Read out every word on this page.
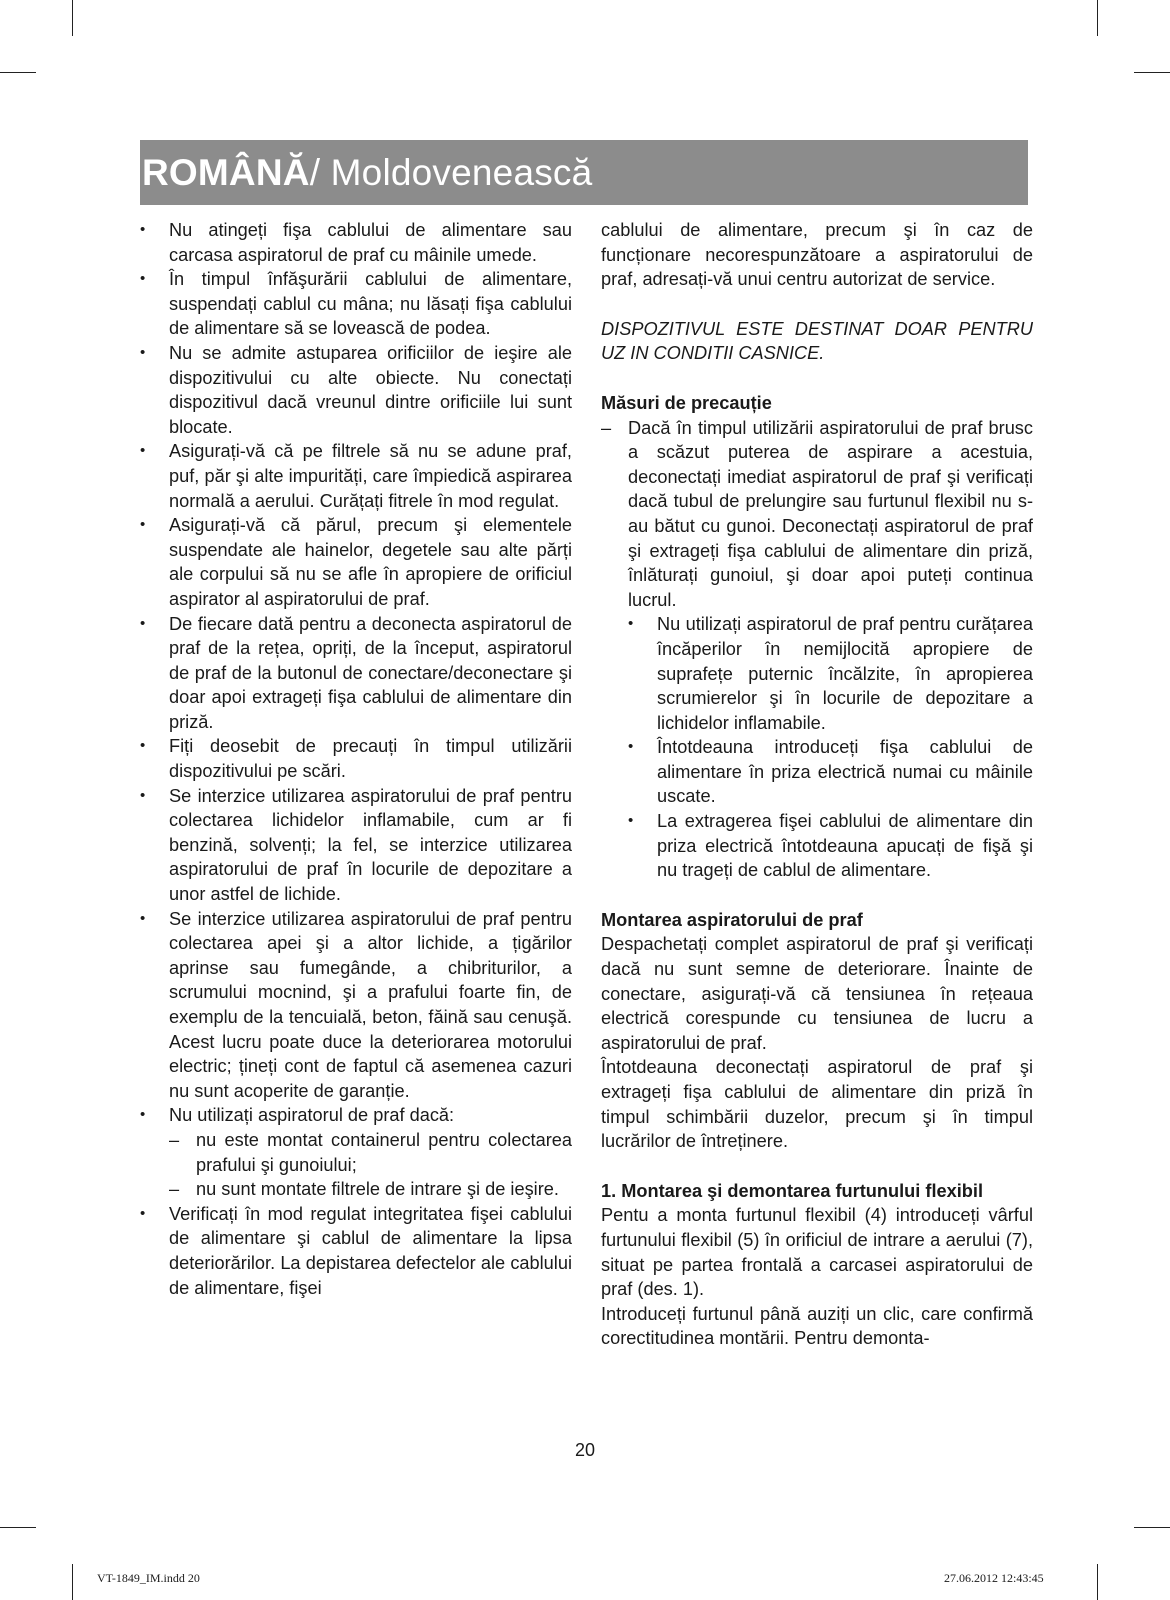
ROMÂNĂ / Moldovenească
• Nu atingeți fişa cablului de alimentare sau carcasa aspiratorul de praf cu mâinile umede.
• În timpul înfăşurării cablului de alimentare, suspendați cablul cu mâna; nu lăsați fişa cablului de alimentare să se lovească de podea.
• Nu se admite astuparea orificiilor de ieşire ale dispozitivului cu alte obiecte. Nu conectați dispozitivul dacă vreunul dintre orificiile lui sunt blocate.
• Asigurați-vă că pe filtrele să nu se adune praf, puf, păr şi alte impurități, care împiedică aspirarea normală a aerului. Curățați fitrele în mod regulat.
• Asigurați-vă că părul, precum şi elementele suspendate ale hainelor, degetele sau alte părți ale corpului să nu se afle în apropiere de orificiul aspirator al aspiratorului de praf.
• De fiecare dată pentru a deconecta aspiratorul de praf de la rețea, opriți, de la început, aspiratorul de praf de la butonul de conectare/deconectare şi doar apoi extrageți fişa cablului de alimentare din priză.
• Fiți deosebit de precauți în timpul utilizării dispozitivului pe scări.
• Se interzice utilizarea aspiratorului de praf pentru colectarea lichidelor inflamabile, cum ar fi benzină, solvenți; la fel, se interzice utilizarea aspiratorului de praf în locurile de depozitare a unor astfel de lichide.
• Se interzice utilizarea aspiratorului de praf pentru colectarea apei şi a altor lichide, a țigărilor aprinse sau fumegânde, a chibriturilor, a scrumului mocnind, şi a prafului foarte fin, de exemplu de la tencuială, beton, făină sau cenuşă. Acest lucru poate duce la deteriorarea motorului electric; țineți cont de faptul că asemenea cazuri nu sunt acoperite de garanție.
• Nu utilizați aspiratorul de praf dacă:
– nu este montat containerul pentru colectarea prafului şi gunoiului;
– nu sunt montate filtrele de intrare şi de ieşire.
• Verificați în mod regulat integritatea fişei cablului de alimentare şi cablul de alimentare la lipsa deteriorărilor. La depistarea defectelor ale cablului de alimentare, fişei

cablului de alimentare, precum şi în caz de funcționare necorespunzătoare a aspiratorului de praf, adresați-vă unui centru autorizat de service.

DISPOZITIVUL ESTE DESTINAT DOAR PENTRU UZ IN CONDITII CASNICE.

Măsuri de precauție

– Dacă în timpul utilizării aspiratorului de praf brusc a scăzut puterea de aspirare a acestuia, deconectați imediat aspiratorul de praf şi verificați dacă tubul de prelungire sau furtunul flexibil nu s-au bătut cu gunoi. Deconectați aspiratorul de praf şi extrageți fişa cablului de alimentare din priză, înlăturați gunoiul, şi doar apoi puteți continua lucrul.
• Nu utilizați aspiratorul de praf pentru curățarea încăperilor în nemijlocită apropiere de suprafețe puternic încălzite, în apropierea scrumierelor şi în locurile de depozitare a lichidelor inflamabile.
• Întotdeauna introduceți fişa cablului de alimentare în priza electrică numai cu mâinile uscate.
• La extragerea fişei cablului de alimentare din priza electrică întotdeauna apucați de fişă şi nu trageți de cablul de alimentare.

Montarea aspiratorului de praf

Despachetați complet aspiratorul de praf şi verificați dacă nu sunt semne de deteriorare. Înainte de conectare, asigurați-vă că tensiunea în rețeaua electrică corespunde cu tensiunea de lucru a aspiratorului de praf.

Întotdeauna deconectați aspiratorul de praf şi extrageți fişa cablului de alimentare din priză în timpul schimbării duzelor, precum şi în timpul lucrărilor de întreținere.

1. Montarea şi demontarea furtunului flexibil

Pentu a monta furtunul flexibil (4) introduceți vârful furtunului flexibil (5) în orificiul de intrare a aerului (7), situat pe partea frontală a carcasei aspiratorului de praf (des. 1).

Introduceți furtunul până auziți un clic, care confirmă corectitudinea montării. Pentru demonta-

20
VT-1849_IM.indd 20	27.06.2012 12:43:45
